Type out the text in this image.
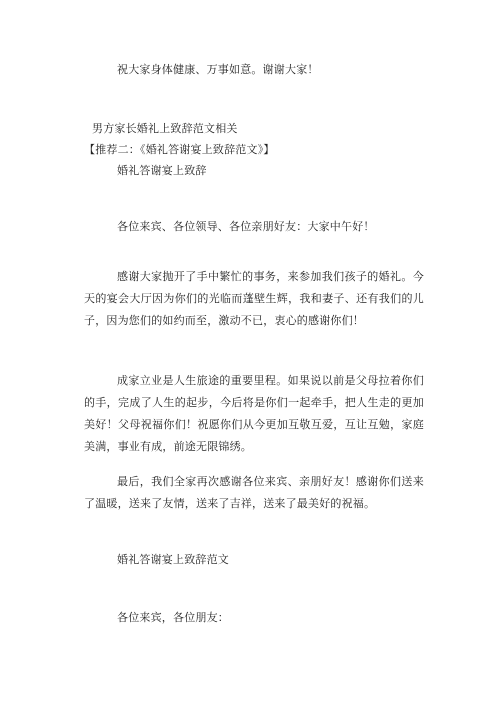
祝大家身体健康、万事如意。谢谢大家！
男方家长婚礼上致辞范文相关
【推荐二：《婚礼答谢宴上致辞范文》】
婚礼答谢宴上致辞
各位来宾、各位领导、各位亲朋好友：大家中午好！
感谢大家抛开了手中繁忙的事务，来参加我们孩子的婚礼。今天的宴会大厅因为你们的光临而蓬壁生辉，我和妻子、还有我们的儿子，因为您们的如约而至，激动不已，衷心的感谢你们！
成家立业是人生旅途的重要里程。如果说以前是父母拉着你们的手，完成了人生的起步，今后将是你们一起牵手，把人生走的更加美好！父母祝福你们！祝愿你们从今更加互敬互爱，互让互勉，家庭美满，事业有成，前途无限锦绣。
最后，我们全家再次感谢各位来宾、亲朋好友！感谢你们送来了温暖，送来了友情，送来了吉祥，送来了最美好的祝福。
婚礼答谢宴上致辞范文
各位来宾，各位朋友：
